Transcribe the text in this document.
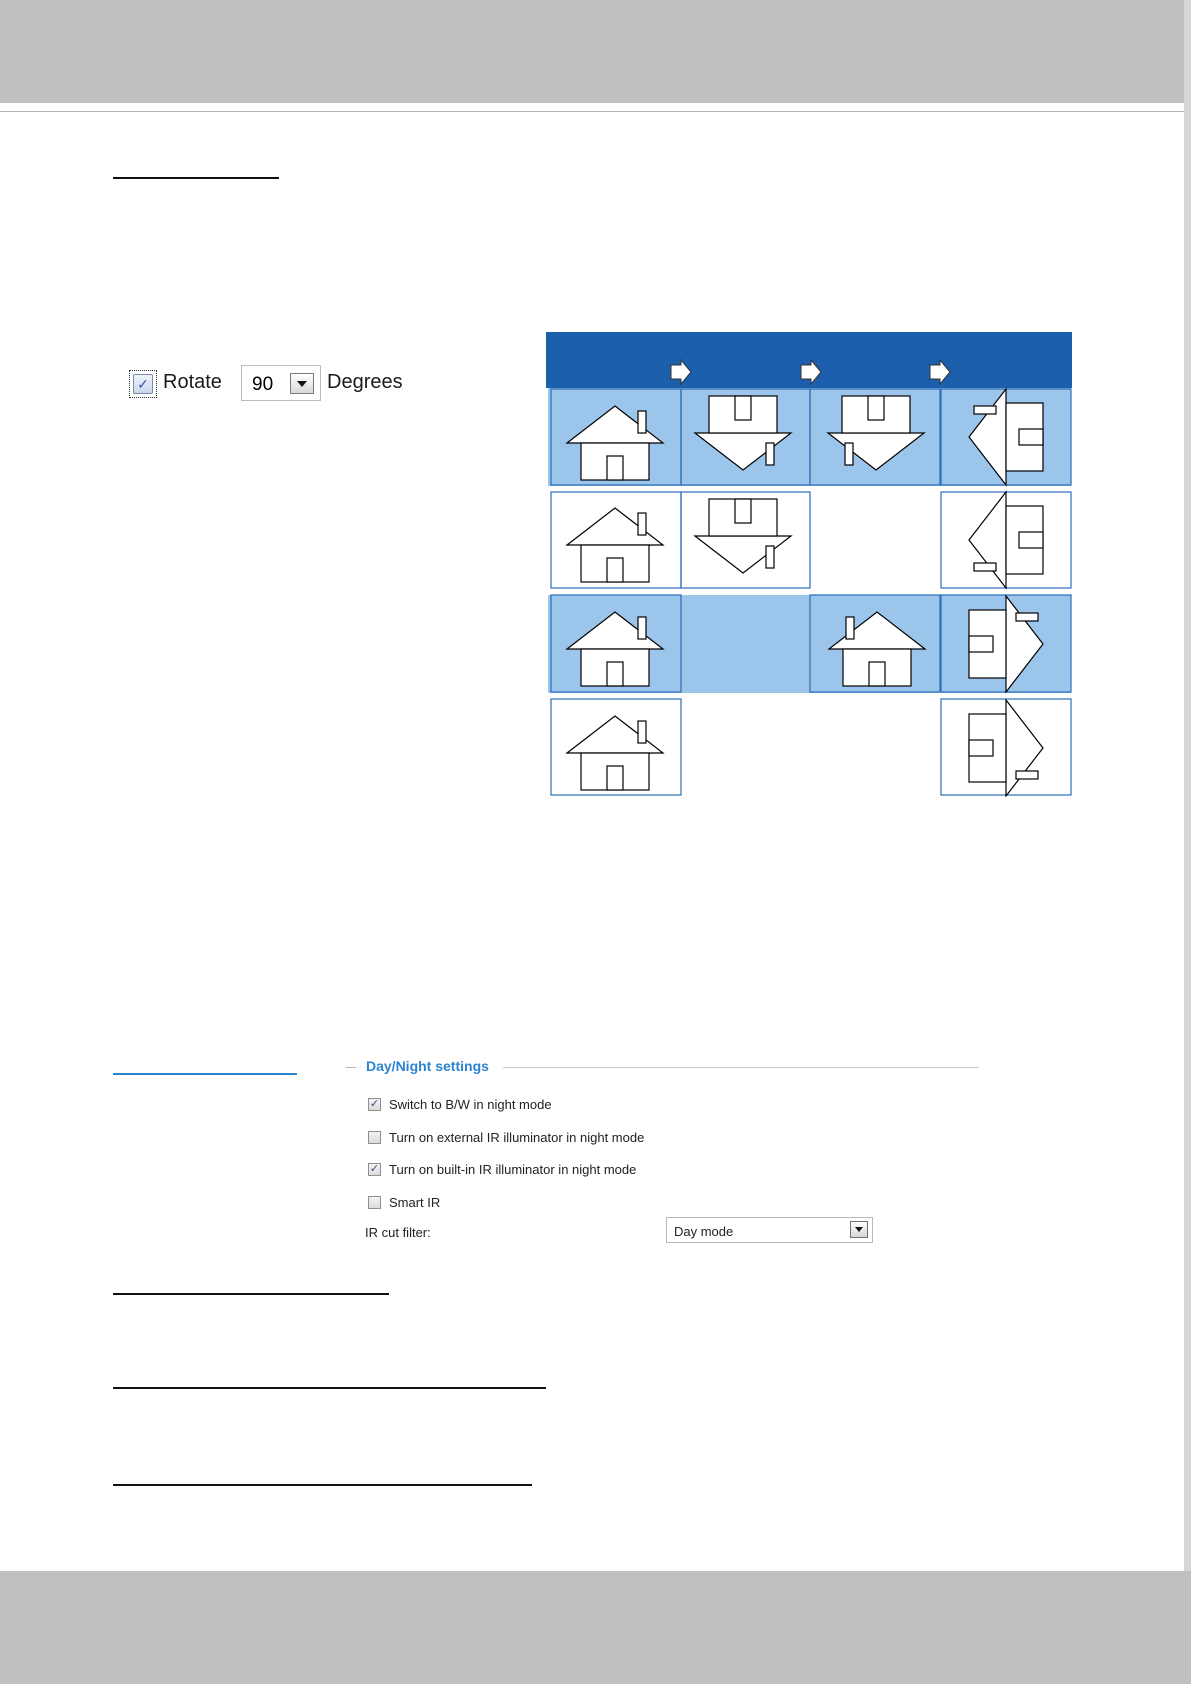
✓ Rotate 90	Degrees
Day/Night settings
✓ Switch to B/W in night mode
Turn on external IR illuminator in night mode
✓ Turn on built-in IR illuminator in night mode
Smart IR
IR cut filter:	Day mode
